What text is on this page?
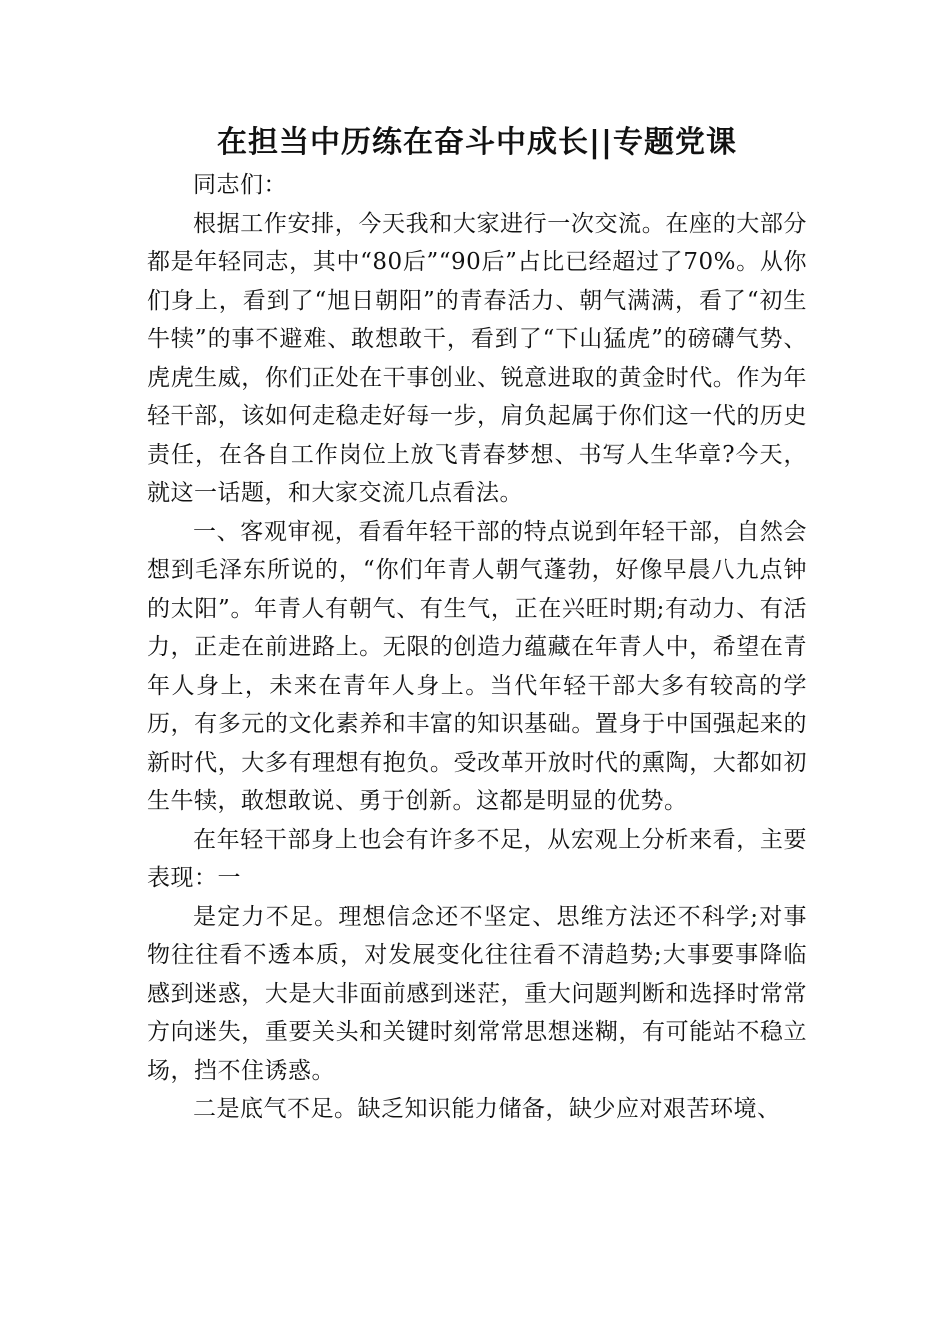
在担当中历练在奋斗中成长||专题党课

同志们：

根据工作安排，今天我和大家进行一次交流。在座的大部分都是年轻同志，其中“80后”“90后”占比已经超过了70%。从你们身上，看到了“旭日朝阳”的青春活力、朝气满满，看了“初生牛犊”的事不避难、敢想敢干，看到了“下山猛虎”的磅礴气势、虎虎生威，你们正处在干事创业、锐意进取的黄金时代。作为年轻干部，该如何走稳走好每一步，肩负起属于你们这一代的历史责任，在各自工作岗位上放飞青春梦想、书写人生华章?今天，就这一话题，和大家交流几点看法。

一、客观审视，看看年轻干部的特点说到年轻干部，自然会想到毛泽东所说的，“你们年青人朝气蓬勃，好像早晨八九点钟的太阳”。年青人有朝气、有生气，正在兴旺时期;有动力、有活力，正走在前进路上。无限的创造力蕴藏在年青人中，希望在青年人身上，未来在青年人身上。当代年轻干部大多有较高的学历，有多元的文化素养和丰富的知识基础。置身于中国强起来的新时代，大多有理想有抱负。受改革开放时代的熏陶，大都如初生牛犊，敢想敢说、勇于创新。这都是明显的优势。

在年轻干部身上也会有许多不足，从宏观上分析来看，主要表现：一

是定力不足。理想信念还不坚定、思维方法还不科学;对事物往往看不透本质，对发展变化往往看不清趋势;大事要事降临感到迷惑，大是大非面前感到迷茫，重大问题判断和选择时常常方向迷失，重要关头和关键时刻常常思想迷糊，有可能站不稳立场，挡不住诱惑。

二是底气不足。缺乏知识能力储备，缺少应对艰苦环境、
